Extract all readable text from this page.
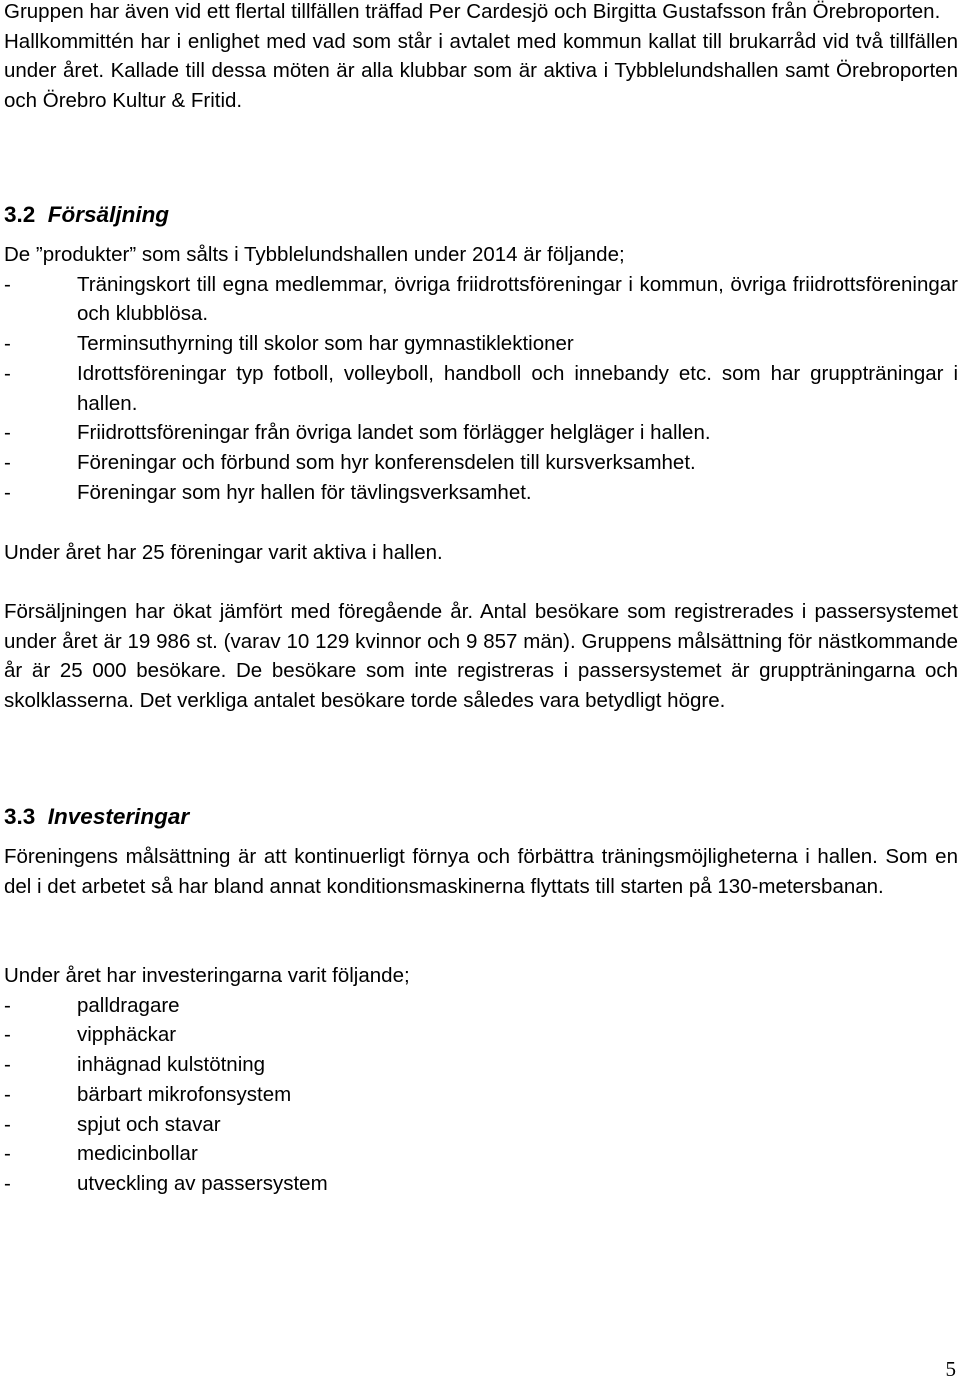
Gruppen har även vid ett flertal tillfällen träffad Per Cardesjö och Birgitta Gustafsson från Örebroporten.

Hallkommittén har i enlighet med vad som står i avtalet med kommun kallat till brukarråd vid två tillfällen under året. Kallade till dessa möten är alla klubbar som är aktiva i Tybblelundshallen samt Örebroporten och Örebro Kultur & Fritid.

3.2 Försäljning

De ”produkter” som sålts i Tybblelundshallen under 2014 är följande;

-	Träningskort till egna medlemmar, övriga friidrottsföreningar i kommun, övriga friidrottsföreningar och klubblösa.
-	Terminsuthyrning till skolor som har gymnastiklektioner
-	Idrottsföreningar typ fotboll, volleyboll, handboll och innebandy etc. som har gruppträningar i hallen.
-	Friidrottsföreningar från övriga landet som förlägger helgläger i hallen.
-	Föreningar och förbund som hyr konferensdelen till kursverksamhet.
-	Föreningar som hyr hallen för tävlingsverksamhet.

Under året har 25 föreningar varit aktiva i hallen.

Försäljningen har ökat jämfört med föregående år. Antal besökare som registrerades i passersystemet under året är 19 986 st. (varav 10 129 kvinnor och 9 857 män). Gruppens målsättning för nästkommande år är 25 000 besökare. De besökare som inte registreras i passersystemet är gruppträningarna och skolklasserna. Det verkliga antalet besökare torde således vara betydligt högre.

3.3 Investeringar

Föreningens målsättning är att kontinuerligt förnya och förbättra träningsmöjligheterna i hallen. Som en del i det arbetet så har bland annat konditionsmaskinerna flyttats till starten på 130-metersbanan.

Under året har investeringarna varit följande;

-	palldragare
-	vipphäckar
-	inhägnad kulstötning
-	bärbart mikrofonsystem
-	spjut och stavar
-	medicinbollar
-	utveckling av passersystem
5
